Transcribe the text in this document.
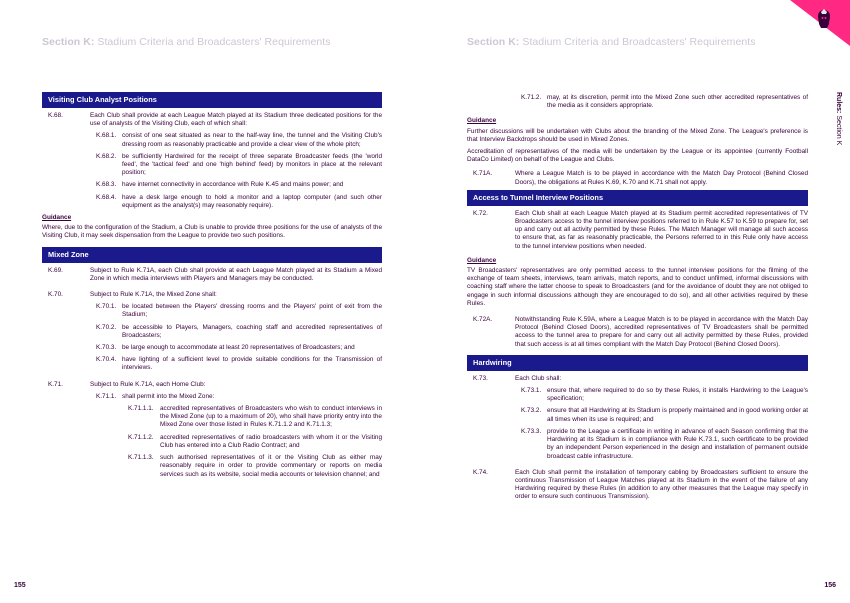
Section K: Stadium Criteria and Broadcasters' Requirements
Visiting Club Analyst Positions
K.68.	Each Club shall provide at each League Match played at its Stadium three dedicated positions for the use of analysts of the Visiting Club, each of which shall:
K.68.1. consist of one seat situated as near to the half-way line, the tunnel and the Visiting Club's dressing room as reasonably practicable and provide a clear view of the whole pitch;
K.68.2. be sufficiently Hardwired for the receipt of three separate Broadcaster feeds (the 'world feed', the 'tactical feed' and one 'high behind' feed) by monitors in place at the relevant position;
K.68.3. have internet connectivity in accordance with Rule K.45 and mains power; and
K.68.4. have a desk large enough to hold a monitor and a laptop computer (and such other equipment as the analyst(s) may reasonably require).
Guidance
Where, due to the configuration of the Stadium, a Club is unable to provide three positions for the use of analysts of the Visiting Club, it may seek dispensation from the League to provide two such positions.
Mixed Zone
K.69.	Subject to Rule K.71A, each Club shall provide at each League Match played at its Stadium a Mixed Zone in which media interviews with Players and Managers may be conducted.
K.70.	Subject to Rule K.71A, the Mixed Zone shall:
K.70.1. be located between the Players' dressing rooms and the Players' point of exit from the Stadium;
K.70.2. be accessible to Players, Managers, coaching staff and accredited representatives of Broadcasters;
K.70.3. be large enough to accommodate at least 20 representatives of Broadcasters; and
K.70.4. have lighting of a sufficient level to provide suitable conditions for the Transmission of interviews.
K.71.	Subject to Rule K.71A, each Home Club:
K.71.1. shall permit into the Mixed Zone:
K.71.1.1.	accredited representatives of Broadcasters who wish to conduct interviews in the Mixed Zone (up to a maximum of 20), who shall have priority entry into the Mixed Zone over those listed in Rules K.71.1.2 and K.71.1.3;
K.71.1.2.	accredited representatives of radio broadcasters with whom it or the Visiting Club has entered into a Club Radio Contract; and
K.71.1.3.	such authorised representatives of it or the Visiting Club as either may reasonably require in order to provide commentary or reports on media services such as its website, social media accounts or television channel; and
155
Section K: Stadium Criteria and Broadcasters' Requirements
Rules: Section K
K.71.2. may, at its discretion, permit into the Mixed Zone such other accredited representatives of the media as it considers appropriate.
Guidance
Further discussions will be undertaken with Clubs about the branding of the Mixed Zone. The League's preference is that Interview Backdrops should be used in Mixed Zones.
Accreditation of representatives of the media will be undertaken by the League or its appointee (currently Football DataCo Limited) on behalf of the League and Clubs.
K.71A.	Where a League Match is to be played in accordance with the Match Day Protocol (Behind Closed Doors), the obligations at Rules K.69, K.70 and K.71 shall not apply.
Access to Tunnel Interview Positions
K.72.	Each Club shall at each League Match played at its Stadium permit accredited representatives of TV Broadcasters access to the tunnel interview positions referred to in Rule K.57 to K.59 to prepare for, set up and carry out all activity permitted by these Rules. The Match Manager will manage all such access to ensure that, as far as reasonably practicable, the Persons referred to in this Rule only have access to the tunnel interview positions when needed.
Guidance
TV Broadcasters' representatives are only permitted access to the tunnel interview positions for the filming of the exchange of team sheets, interviews, team arrivals, match reports, and to conduct unfilmed, informal discussions with coaching staff where the latter choose to speak to Broadcasters (and for the avoidance of doubt they are not obliged to engage in such informal discussions although they are encouraged to do so), and all other activities required by these Rules.
K.72A.	Notwithstanding Rule K.59A, where a League Match is to be played in accordance with the Match Day Protocol (Behind Closed Doors), accredited representatives of TV Broadcasters shall be permitted access to the tunnel area to prepare for and carry out all activity permitted by these Rules, provided that such access is at all times compliant with the Match Day Protocol (Behind Closed Doors).
Hardwiring
K.73.	Each Club shall:
K.73.1. ensure that, where required to do so by these Rules, it installs Hardwiring to the League's specification;
K.73.2. ensure that all Hardwiring at its Stadium is properly maintained and in good working order at all times when its use is required; and
K.73.3. provide to the League a certificate in writing in advance of each Season confirming that the Hardwiring at its Stadium is in compliance with Rule K.73.1, such certificate to be provided by an independent Person experienced in the design and installation of permanent outside broadcast cable infrastructure.
K.74.	Each Club shall permit the installation of temporary cabling by Broadcasters sufficient to ensure the continuous Transmission of League Matches played at its Stadium in the event of the failure of any Hardwiring required by these Rules (in addition to any other measures that the League may specify in order to ensure such continuous Transmission).
156
